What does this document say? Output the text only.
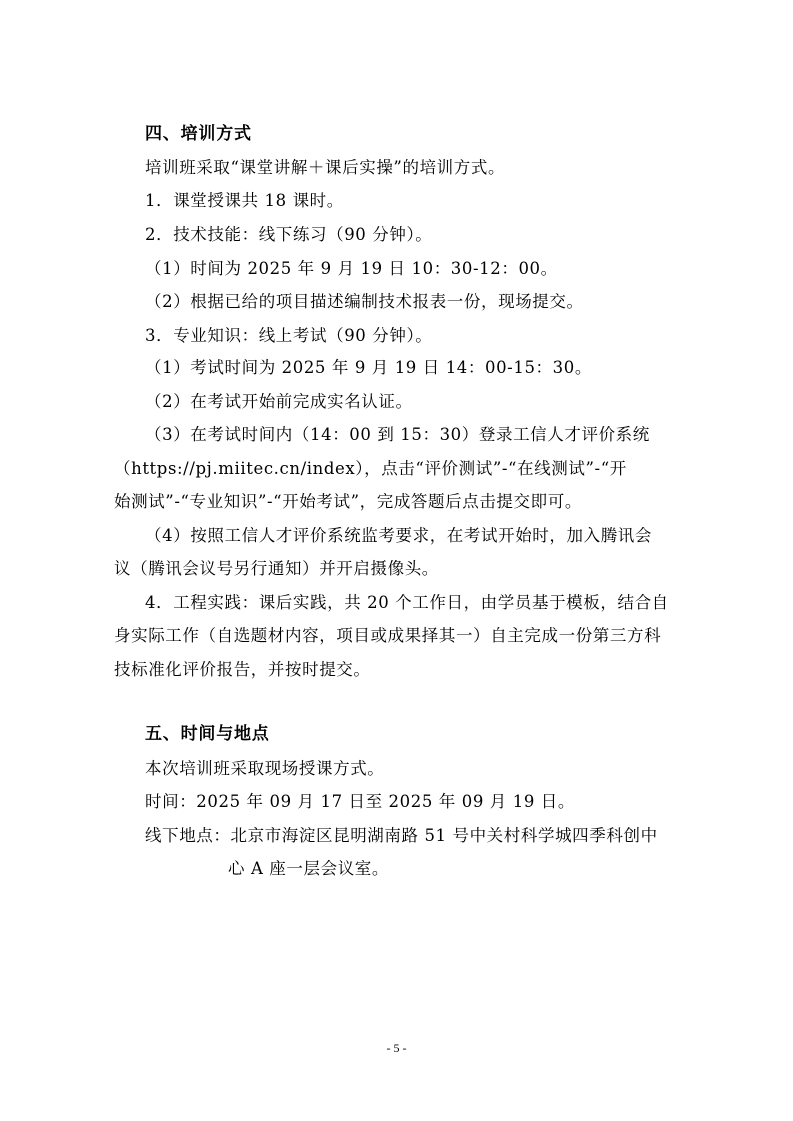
四、培训方式
培训班采取“课堂讲解＋课后实操”的培训方式。
1．课堂授课共 18 课时。
2．技术技能：线下练习（90 分钟）。
（1）时间为 2025 年 9 月 19 日 10：30-12：00。
（2）根据已给的项目描述编制技术报表一份，现场提交。
3．专业知识：线上考试（90 分钟）。
（1）考试时间为 2025 年 9 月 19 日 14：00-15：30。
（2）在考试开始前完成实名认证。
（3）在考试时间内（14：00 到 15：30）登录工信人才评价系统
（https://pj.miitec.cn/index），点击“评价测试”-“在线测试”-“开
始测试”-“专业知识”-“开始考试”，完成答题后点击提交即可。
（4）按照工信人才评价系统监考要求，在考试开始时，加入腾讯会
议（腾讯会议号另行通知）并开启摄像头。
4．工程实践：课后实践，共 20 个工作日，由学员基于模板，结合自
身实际工作（自选题材内容，项目或成果择其一）自主完成一份第三方科
技标准化评价报告，并按时提交。
五、时间与地点
本次培训班采取现场授课方式。
时间：2025 年 09 月 17 日至 2025 年 09 月 19 日。
线下地点：北京市海淀区昆明湖南路 51 号中关村科学城四季科创中
心 A 座一层会议室。
- 5 -
